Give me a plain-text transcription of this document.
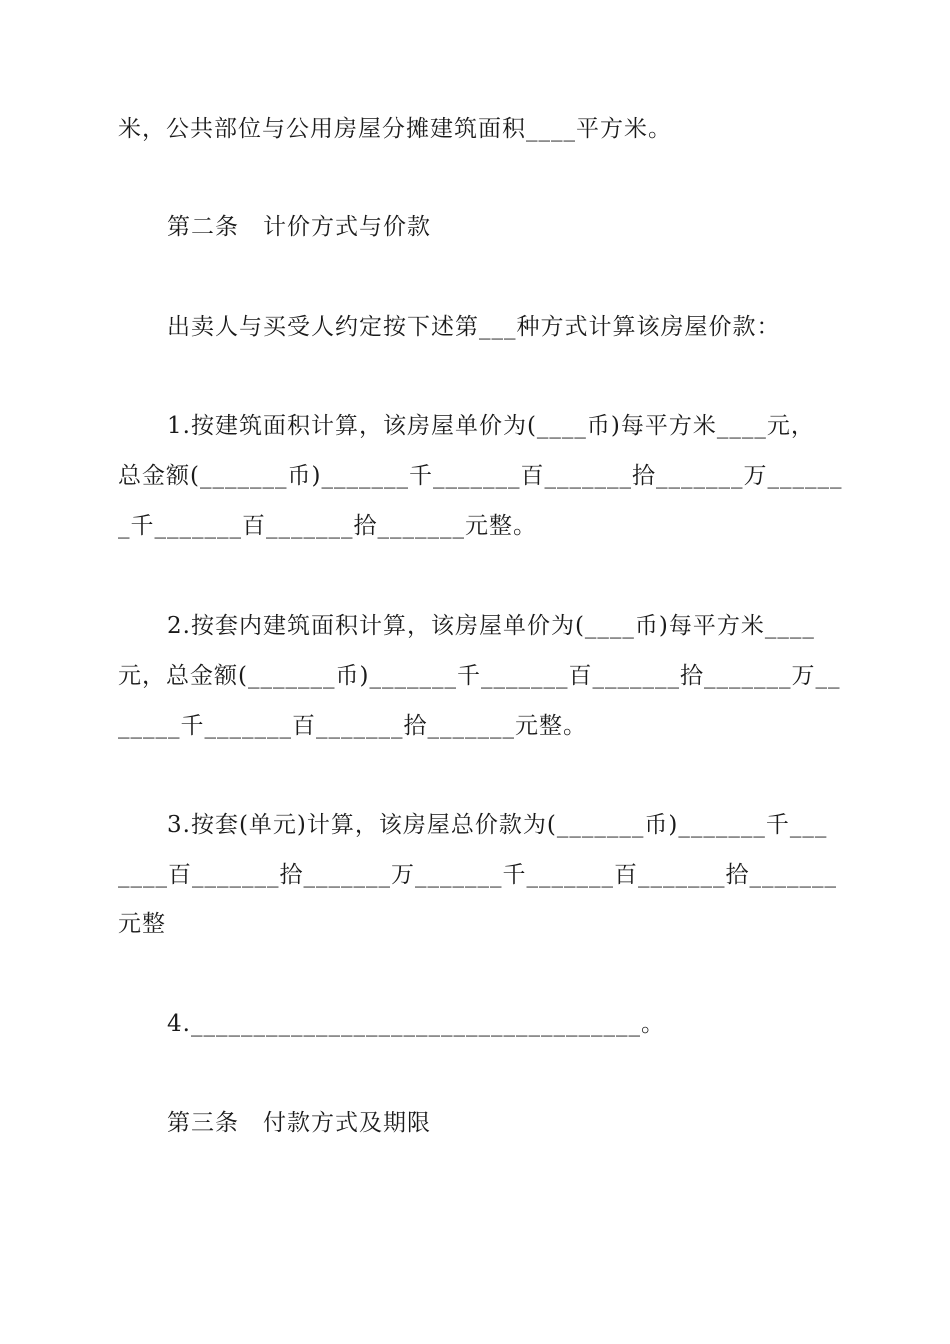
米，公共部位与公用房屋分摊建筑面积____平方米。
第二条　计价方式与价款
出卖人与买受人约定按下述第___种方式计算该房屋价款：
1.按建筑面积计算，该房屋单价为(____币)每平方米____元，
总金额(_______币)_______千_______百_______拾_______万______
_千_______百_______拾_______元整。
2.按套内建筑面积计算，该房屋单价为(____币)每平方米____
元，总金额(_______币)_______千_______百_______拾_______万__
_____千_______百_______拾_______元整。
3.按套(单元)计算，该房屋总价款为(_______币)_______千___
____百_______拾_______万_______千_______百_______拾_______
元整
4.____________________________________。
第三条　付款方式及期限
